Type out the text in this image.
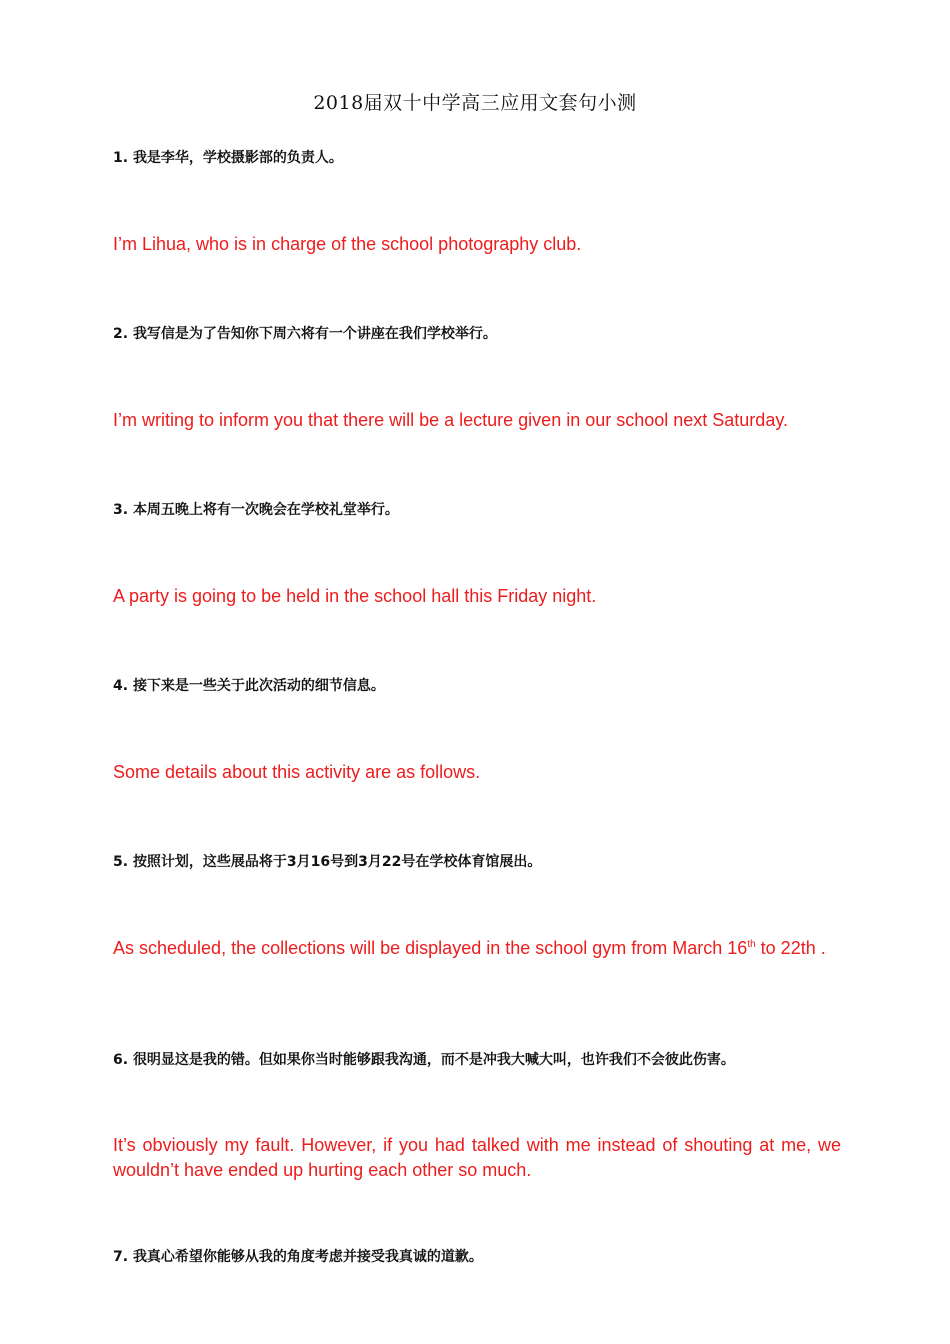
2018届双十中学高三应用文套句小测
1. 我是李华，学校摄影部的负责人。
I’m Lihua, who is in charge of the school photography club.
2. 我写信是为了告知你下周六将有一个讲座在我们学校举行。
I’m writing to inform you that there will be a lecture given in our school next Saturday.
3. 本周五晚上将有一次晚会在学校礼堂举行。
A party is going to be held in the school hall this Friday night.
4. 接下来是一些关于此次活动的细节信息。
Some details about this activity are as follows.
5. 按照计划，这些展品将于3月16号到3月22号在学校体育馆展出。
As scheduled, the collections will be displayed in the school gym from March 16th to 22th .
6. 很明显这是我的错。但如果你当时能够跟我沟通，而不是冲我大喊大叫，也许我们不会彼此伤害。
It’s obviously my fault. However, if you had talked with me instead of shouting at me, we wouldn’t have ended up hurting each other so much.
7. 我真心希望你能够从我的角度考虑并接受我真诚的道歉。
